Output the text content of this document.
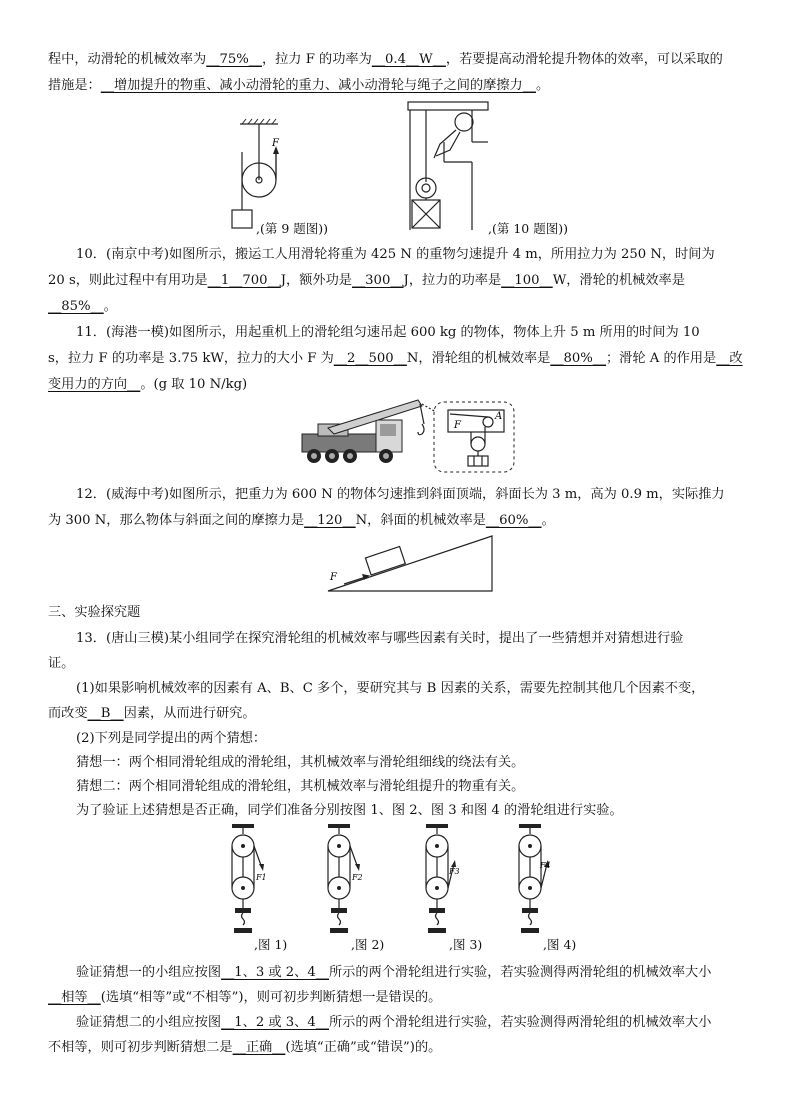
程中，动滑轮的机械效率为__75%__，拉力 F 的功率为__0.4__W__，若要提高动滑轮提升物体的效率，可以采取的
措施是：__增加提升的物重、减小动滑轮的重力、减小动滑轮与绳子之间的摩擦力__。
F
,(第 9 题图))	,(第 10 题图))
10．(南京中考)如图所示，搬运工人用滑轮将重为 425 N 的重物匀速提升 4 m，所用拉力为 250 N，时间为
20 s，则此过程中有用功是__1__700__J，额外功是__300__J，拉力的功率是__100__W，滑轮的机械效率是
__85%__。
11．(海港一模)如图所示，用起重机上的滑轮组匀速吊起 600 kg 的物体，物体上升 5 m 所用的时间为 10
s，拉力 F 的功率是 3.75 kW，拉力的大小 F 为__2__500__N，滑轮组的机械效率是__80%__；滑轮 A 的作用是__改
变用力的方向__。(g 取 10 N/kg)
F
A
12．(威海中考)如图所示，把重力为 600 N 的物体匀速推到斜面顶端，斜面长为 3 m，高为 0.9 m，实际推力
为 300 N，那么物体与斜面之间的摩擦力是__120__N，斜面的机械效率是__60%__。
F
三、实验探究题
13．(唐山三模)某小组同学在探究滑轮组的机械效率与哪些因素有关时，提出了一些猜想并对猜想进行验
证。
(1)如果影响机械效率的因素有 A、B、C 多个，要研究其与 B 因素的关系，需要先控制其他几个因素不变，
而改变__B__因素，从而进行研究。
(2)下列是同学提出的两个猜想：
猜想一：两个相同滑轮组成的滑轮组，其机械效率与滑轮组细线的绕法有关。
猜想二：两个相同滑轮组成的滑轮组，其机械效率与滑轮组提升的物重有关。
为了验证上述猜想是否正确，同学们准备分别按图 1、图 2、图 3 和图 4 的滑轮组进行实验。
F1	F2
F3
F4
,图 1)	,图 2)	,图 3)	,图 4)
验证猜想一的小组应按图__1、3 或 2、4__所示的两个滑轮组进行实验，若实验测得两滑轮组的机械效率大小
__相等__(选填“相等”或“不相等”)，则可初步判断猜想一是错误的。
验证猜想二的小组应按图__1、2 或 3、4__所示的两个滑轮组进行实验，若实验测得两滑轮组的机械效率大小
不相等，则可初步判断猜想二是__正确__(选填“正确”或“错误”)的。
